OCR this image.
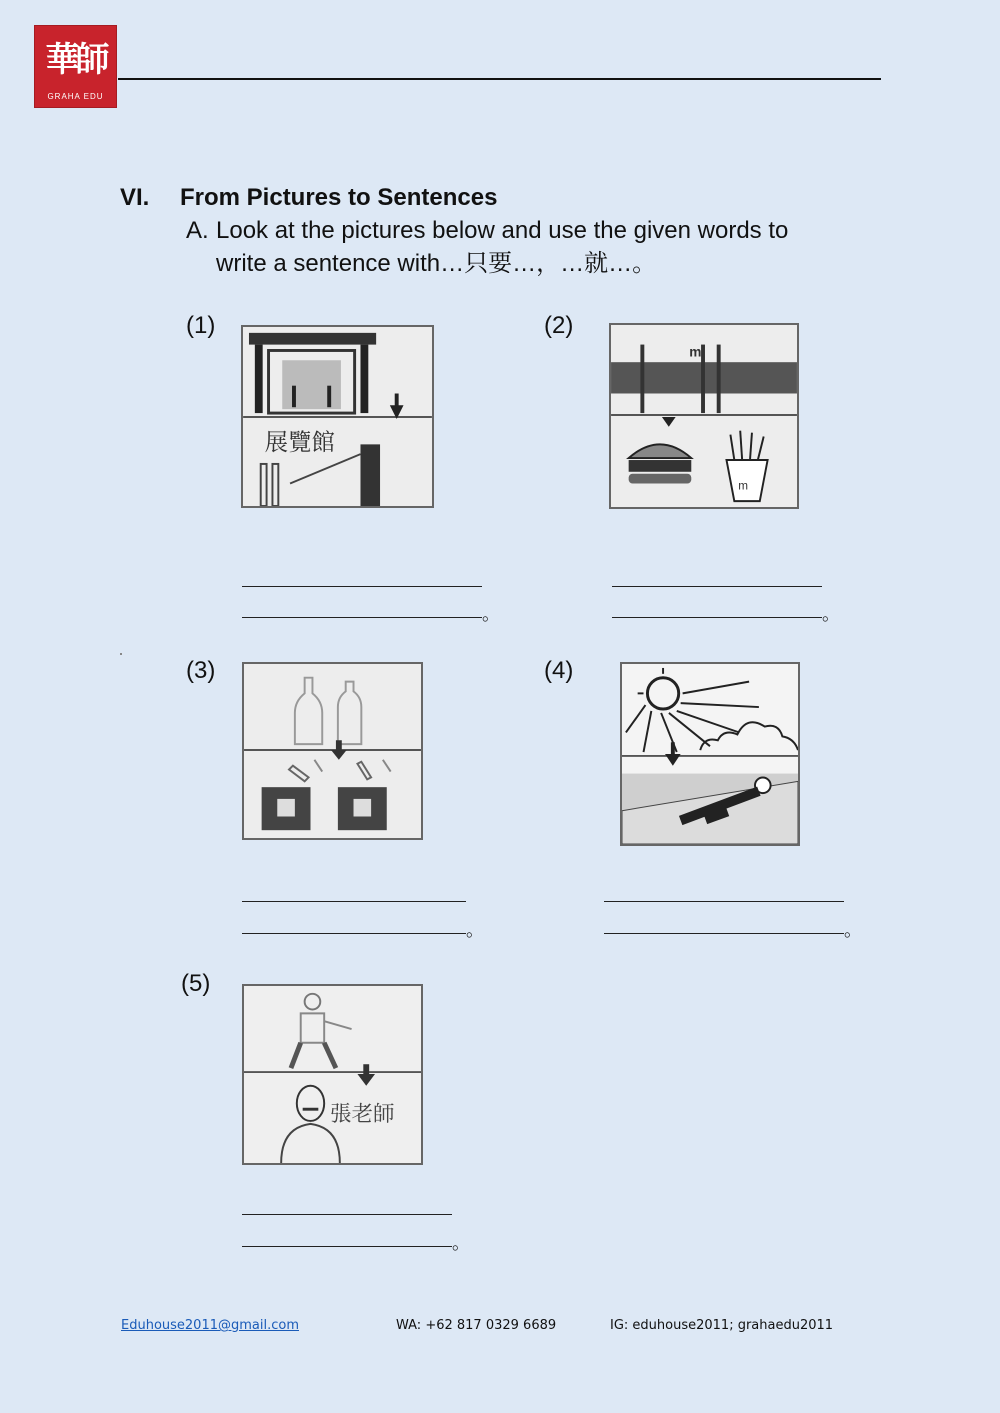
華師
GRAHA EDU
VI. From Pictures to Sentences
A. Look at the pictures below and use the given words to
write a sentence with…只要…，…就…。
(1)
展覽館
。
(2)
m
m
。
(3)
。
(4)
。
(5)
張老師
。
Eduhouse2011@gmail.com	WA: +62 817 0329 6689	IG: eduhouse2011; grahaedu2011
